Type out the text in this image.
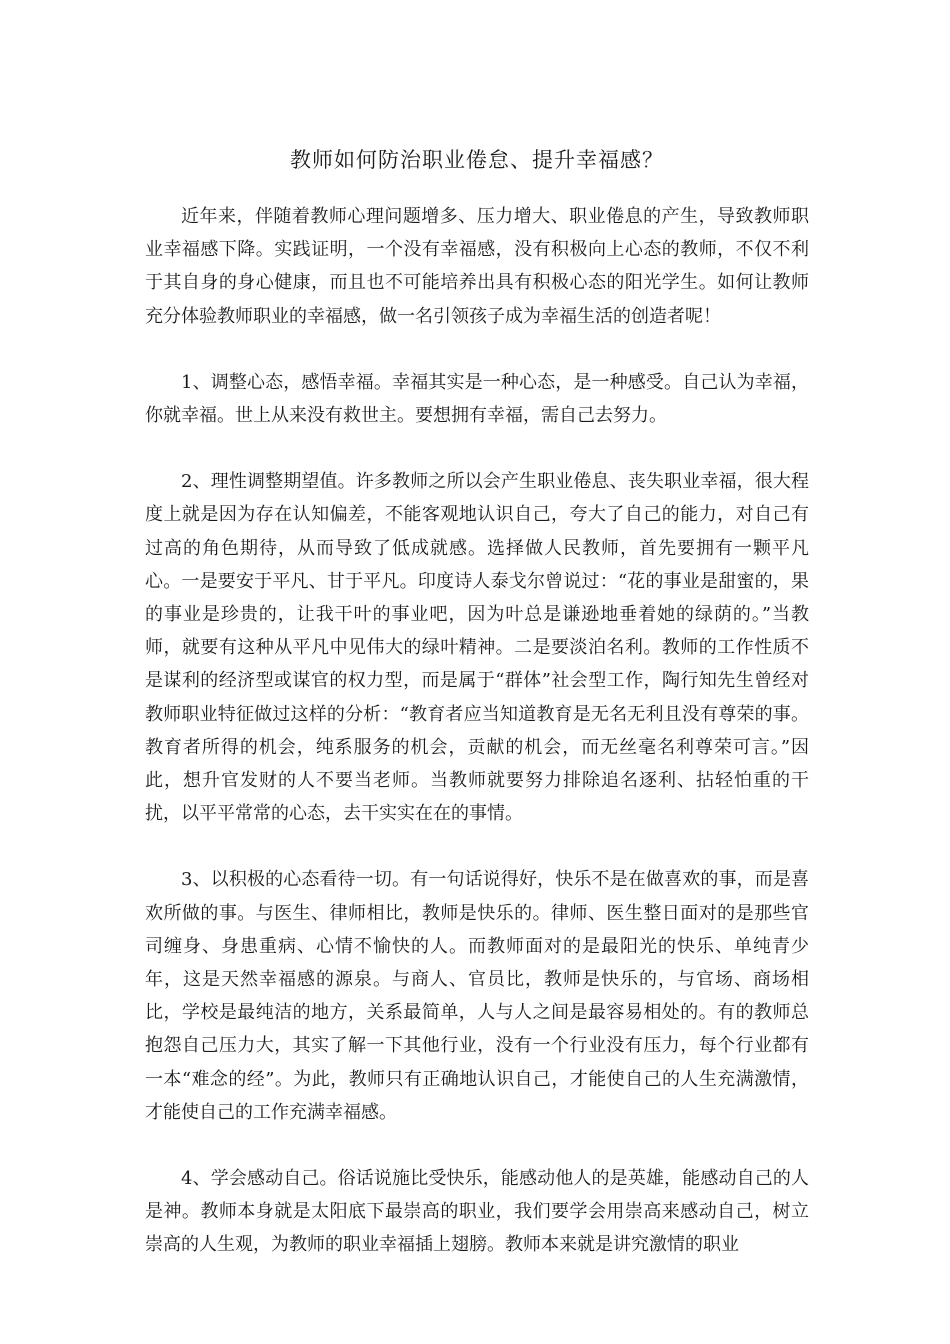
教师如何防治职业倦怠、提升幸福感？

近年来，伴随着教师心理问题增多、压力增大、职业倦息的产生，导致教师职业幸福感下降。实践证明，一个没有幸福感，没有积极向上心态的教师，不仅不利于其自身的身心健康，而且也不可能培养出具有积极心态的阳光学生。如何让教师充分体验教师职业的幸福感，做一名引领孩子成为幸福生活的创造者呢！

1、调整心态，感悟幸福。幸福其实是一种心态，是一种感受。自己认为幸福，你就幸福。世上从来没有救世主。要想拥有幸福，需自己去努力。

2、理性调整期望值。许多教师之所以会产生职业倦息、丧失职业幸福，很大程度上就是因为存在认知偏差，不能客观地认识自己，夸大了自己的能力，对自己有过高的角色期待，从而导致了低成就感。选择做人民教师，首先要拥有一颗平凡心。一是要安于平凡、甘于平凡。印度诗人泰戈尔曾说过：“花的事业是甜蜜的，果的事业是珍贵的，让我干叶的事业吧，因为叶总是谦逊地垂着她的绿荫的。”当教师，就要有这种从平凡中见伟大的绿叶精神。二是要淡泊名利。教师的工作性质不是谋利的经济型或谋官的权力型，而是属于“群体”社会型工作，陶行知先生曾经对教师职业特征做过这样的分析：“教育者应当知道教育是无名无利且没有尊荣的事。教育者所得的机会，纯系服务的机会，贡献的机会，而无丝毫名利尊荣可言。”因此，想升官发财的人不要当老师。当教师就要努力排除追名逐利、拈轻怕重的干扰，以平平常常的心态，去干实实在在的事情。

3、以积极的心态看待一切。有一句话说得好，快乐不是在做喜欢的事，而是喜欢所做的事。与医生、律师相比，教师是快乐的。律师、医生整日面对的是那些官司缠身、身患重病、心情不愉快的人。而教师面对的是最阳光的快乐、单纯青少年，这是天然幸福感的源泉。与商人、官员比，教师是快乐的，与官场、商场相比，学校是最纯洁的地方，关系最简单，人与人之间是最容易相处的。有的教师总抱怨自己压力大，其实了解一下其他行业，没有一个行业没有压力，每个行业都有一本“难念的经”。为此，教师只有正确地认识自己，才能使自己的人生充满激情，才能使自己的工作充满幸福感。

4、学会感动自己。俗话说施比受快乐，能感动他人的是英雄，能感动自己的人是神。教师本身就是太阳底下最崇高的职业，我们要学会用崇高来感动自己，树立崇高的人生观，为教师的职业幸福插上翅膀。教师本来就是讲究激情的职业
